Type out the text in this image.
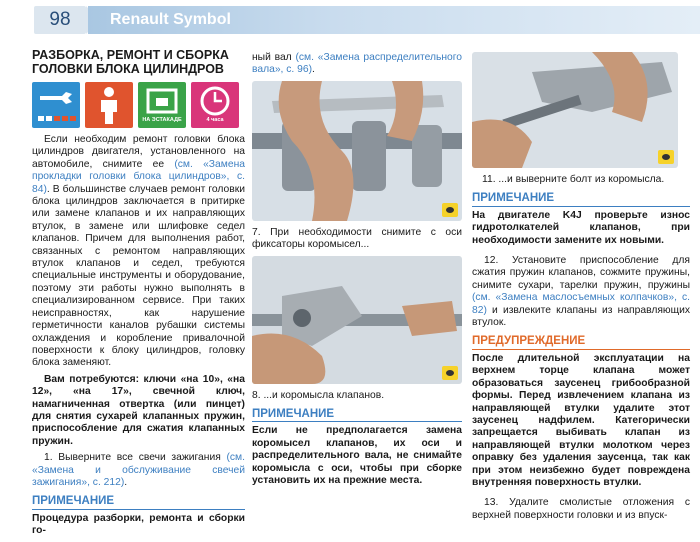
98	Renault Symbol
РАЗБОРКА, РЕМОНТ И СБОРКА ГОЛОВКИ БЛОКА ЦИЛИНДРОВ
НА ЭСТАКАДЕ	4 часа

Если необходим ремонт головки блока цилиндров двигателя, установленного на автомобиле, снимите ее (см. «Замена прокладки головки блока цилиндров», с. 84). В большинстве случаев ремонт головки блока цилиндров заключается в притирке или замене клапанов и их направляющих втулок, в замене или шлифовке седел клапанов. Причем для выполнения работ, связанных с ремонтом направляющих втулок клапанов и седел, требуются специальные инструменты и оборудование, поэтому эти работы нужно выполнять в специализированном сервисе. При таких неисправностях, как нарушение герметичности каналов рубашки системы охлаждения и коробление привалочной поверхности к блоку цилиндров, головку блока заменяют.

Вам потребуются: ключи «на 10», «на 12», «на 17», свечной ключ, намагниченная отвертка (или пинцет) для снятия сухарей клапанных пружин, приспособление для сжатия клапанных пружин.

1. Выверните все свечи зажигания (см. «Замена и обслуживание свечей зажигания», с. 212).

ПРИМЕЧАНИЕ

Процедура разборки, ремонта и сборки го-

ный вал (см. «Замена распределительного вала», с. 96).

7. При необходимости снимите с оси фиксаторы коромысел...

8. ...и коромысла клапанов.

ПРИМЕЧАНИЕ

Если не предполагается замена коромысел клапанов, их оси и распределительного вала, не снимайте коромысла с оси, чтобы при сборке установить их на прежние места.

11. ...и выверните болт из коромысла.

ПРИМЕЧАНИЕ

На двигателе K4J проверьте износ гидротолкателей клапанов, при необходимости замените их новыми.

12. Установите приспособление для сжатия пружин клапанов, сожмите пружины, снимите сухари, тарелки пружин, пружины (см. «Замена маслосъемных колпачков», с. 82) и извлеките клапаны из направляющих втулок.

ПРЕДУПРЕЖДЕНИЕ

После длительной эксплуатации на верхнем торце клапана может образоваться заусенец грибообразной формы. Перед извлечением клапана из направляющей втулки удалите этот заусенец надфилем. Категорически запрещается выбивать клапан из направляющей втулки молотком через оправку без удаления заусенца, так как при этом неизбежно будет повреждена внутренняя поверхность втулки.

13. Удалите смолистые отложения с верхней поверхности головки и из впуск-
